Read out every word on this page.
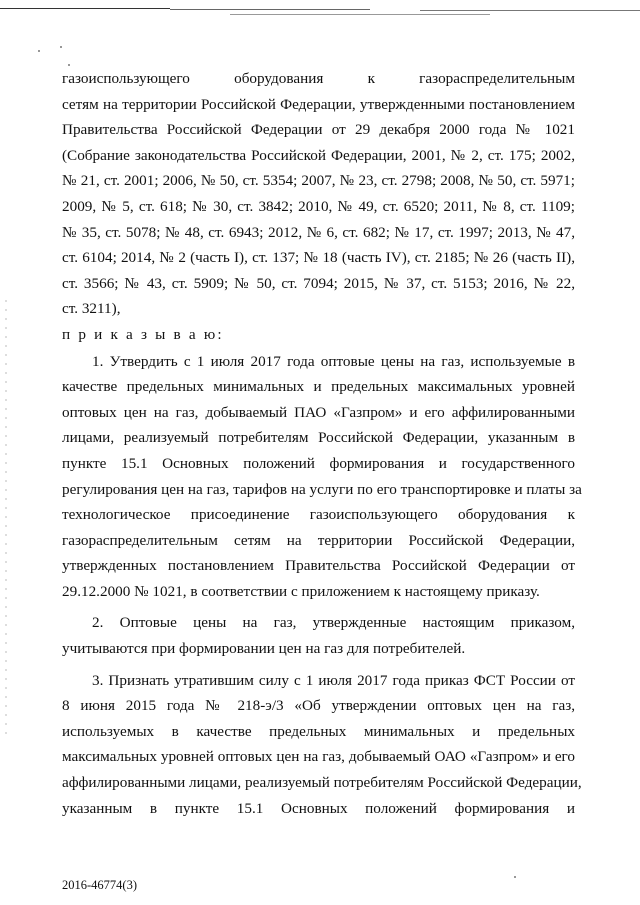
газоиспользующего оборудования к газораспределительным
сетям на территории Российской Федерации, утвержденными постановлением
Правительства Российской Федерации от 29 декабря 2000 года № 1021
(Собрание законодательства Российской Федерации, 2001, № 2, ст. 175; 2002,
№ 21, ст. 2001; 2006, № 50, ст. 5354; 2007, № 23, ст. 2798; 2008, № 50, ст. 5971;
2009, № 5, ст. 618; № 30, ст. 3842; 2010, № 49, ст. 6520; 2011, № 8, ст. 1109;
№ 35, ст. 5078; № 48, ст. 6943; 2012, № 6, ст. 682; № 17, ст. 1997; 2013, № 47,
ст. 6104; 2014, № 2 (часть I), ст. 137; № 18 (часть IV), ст. 2185; № 26 (часть II),
ст. 3566; № 43, ст. 5909; № 50, ст. 7094; 2015, № 37, ст. 5153; 2016, № 22,
ст. 3211),
п р и к а з ы в а ю:
1. Утвердить с 1 июля 2017 года оптовые цены на газ, используемые в
качестве предельных минимальных и предельных максимальных уровней
оптовых цен на газ, добываемый ПАО «Газпром» и его аффилированными
лицами, реализуемый потребителям Российской Федерации, указанным в
пункте 15.1 Основных положений формирования и государственного
регулирования цен на газ, тарифов на услуги по его транспортировке и платы за
технологическое присоединение газоиспользующего оборудования к
газораспределительным сетям на территории Российской Федерации,
утвержденных постановлением Правительства Российской Федерации от
29.12.2000 № 1021, в соответствии с приложением к настоящему приказу.
2. Оптовые цены на газ, утвержденные настоящим приказом,
учитываются при формировании цен на газ для потребителей.
3. Признать утратившим силу с 1 июля 2017 года приказ ФСТ России от
8 июня 2015 года № 218-э/3 «Об утверждении оптовых цен на газ,
используемых в качестве предельных минимальных и предельных
максимальных уровней оптовых цен на газ, добываемый ОАО «Газпром» и его
аффилированными лицами, реализуемый потребителям Российской Федерации,
указанным в пункте 15.1 Основных положений формирования и
2016-46774(3)
